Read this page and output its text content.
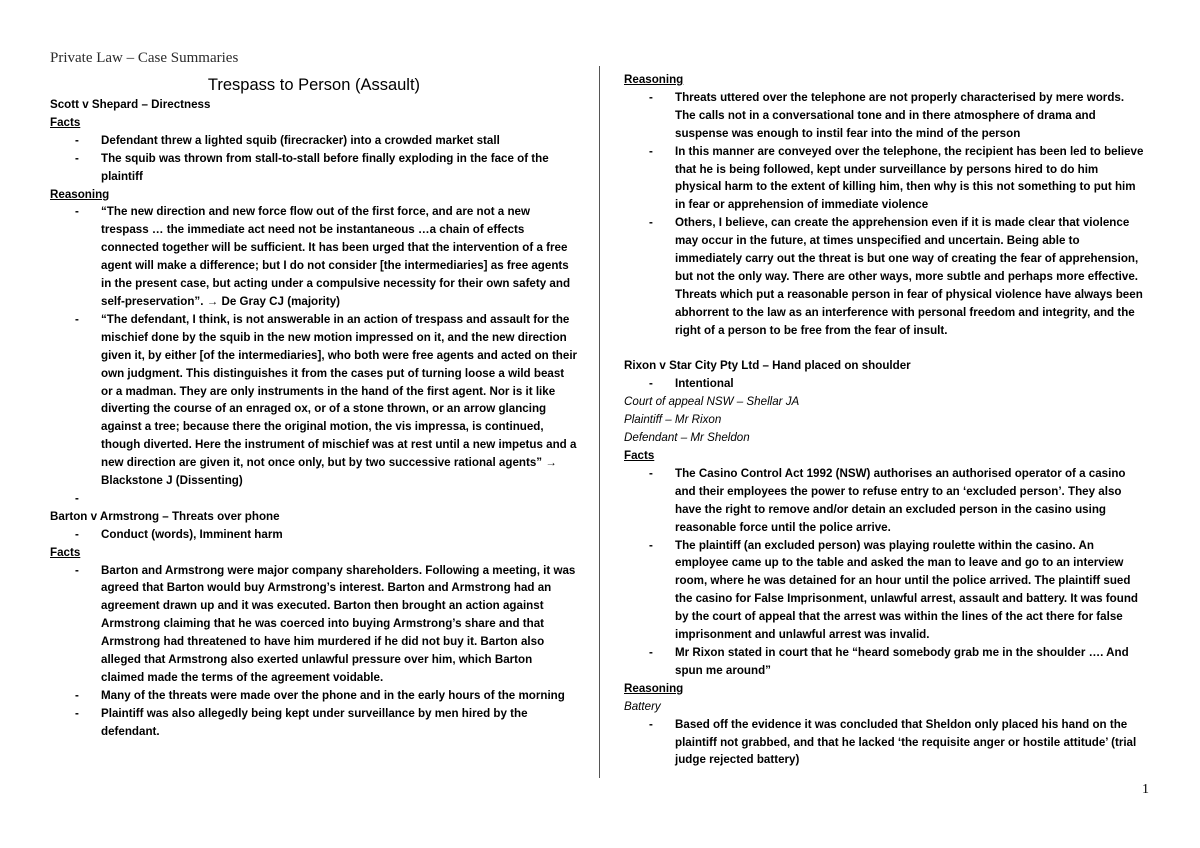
Private Law – Case Summaries
Trespass to Person (Assault)
Scott v Shepard – Directness
Facts
- Defendant threw a lighted squib (firecracker) into a crowded market stall
- The squib was thrown from stall-to-stall before finally exploding in the face of the plaintiff
Reasoning
- “The new direction and new force flow out of the first force, and are not a new trespass … the immediate act need not be instantaneous …a chain of effects connected together will be sufficient. It has been urged that the intervention of a free agent will make a difference; but I do not consider [the intermediaries] as free agents in the present case, but acting under a compulsive necessity for their own safety and self-preservation”. → De Gray CJ (majority)
- “The defendant, I think, is not answerable in an action of trespass and assault for the mischief done by the squib in the new motion impressed on it, and the new direction given it, by either [of the intermediaries], who both were free agents and acted on their own judgment. This distinguishes it from the cases put of turning loose a wild beast or a madman. They are only instruments in the hand of the first agent. Nor is it like diverting the course of an enraged ox, or of a stone thrown, or an arrow glancing against a tree; because there the original motion, the vis impressa, is continued, though diverted. Here the instrument of mischief was at rest until a new impetus and a new direction are given it, not once only, but by two successive rational agents” → Blackstone J (Dissenting)
-
Barton v Armstrong – Threats over phone
- Conduct (words), Imminent harm
Facts
- Barton and Armstrong were major company shareholders. Following a meeting, it was agreed that Barton would buy Armstrong’s interest. Barton and Armstrong had an agreement drawn up and it was executed. Barton then brought an action against Armstrong claiming that he was coerced into buying Armstrong’s share and that Armstrong had threatened to have him murdered if he did not buy it. Barton also alleged that Armstrong also exerted unlawful pressure over him, which Barton claimed made the terms of the agreement voidable.
- Many of the threats were made over the phone and in the early hours of the morning
- Plaintiff was also allegedly being kept under surveillance by men hired by the defendant.
Reasoning
- Threats uttered over the telephone are not properly characterised by mere words. The calls not in a conversational tone and in there atmosphere of drama and suspense was enough to instil fear into the mind of the person
- In this manner are conveyed over the telephone, the recipient has been led to believe that he is being followed, kept under surveillance by persons hired to do him physical harm to the extent of killing him, then why is this not something to put him in fear or apprehension of immediate violence
- Others, I believe, can create the apprehension even if it is made clear that violence may occur in the future, at times unspecified and uncertain. Being able to immediately carry out the threat is but one way of creating the fear of apprehension, but not the only way. There are other ways, more subtle and perhaps more effective.
Threats which put a reasonable person in fear of physical violence have always been abhorrent to the law as an interference with personal freedom and integrity, and the right of a person to be free from the fear of insult.
Rixon v Star City Pty Ltd – Hand placed on shoulder
- Intentional
Court of appeal NSW – Shellar JA
Plaintiff – Mr Rixon
Defendant – Mr Sheldon
Facts
- The Casino Control Act 1992 (NSW) authorises an authorised operator of a casino and their employees the power to refuse entry to an ‘excluded person’. They also have the right to remove and/or detain an excluded person in the casino using reasonable force until the police arrive.
- The plaintiff (an excluded person) was playing roulette within the casino. An employee came up to the table and asked the man to leave and go to an interview room, where he was detained for an hour until the police arrived. The plaintiff sued the casino for False Imprisonment, unlawful arrest, assault and battery. It was found by the court of appeal that the arrest was within the lines of the act there for false imprisonment and unlawful arrest was invalid.
- Mr Rixon stated in court that he “heard somebody grab me in the shoulder …. And spun me around”
Reasoning
Battery
- Based off the evidence it was concluded that Sheldon only placed his hand on the plaintiff not grabbed, and that he lacked ‘the requisite anger or hostile attitude’ (trial judge rejected battery)
1
